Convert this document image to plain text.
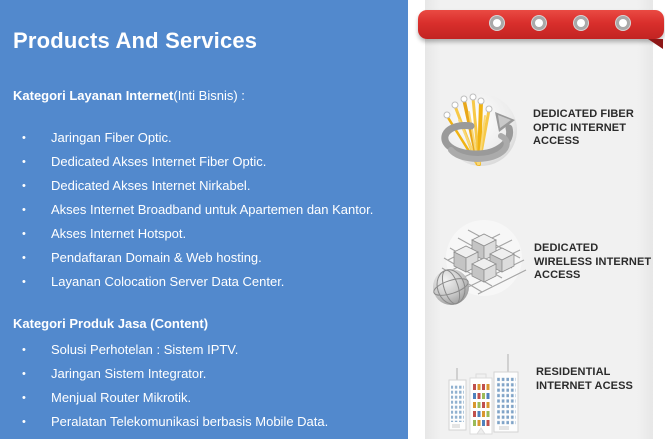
Products And Services
Kategori Layanan Internet(Inti Bisnis) :
•	Jaringan Fiber Optic.
•	Dedicated Akses Internet Fiber Optic.
•	Dedicated Akses Internet Nirkabel.
•	Akses Internet Broadband untuk Apartemen dan Kantor.
•	Akses Internet Hotspot.
•	Pendaftaran Domain & Web hosting.
•	Layanan Colocation Server Data Center.
Kategori Produk Jasa (Content)
•	Solusi Perhotelan : Sistem IPTV.
•	Jaringan Sistem Integrator.
•	Menjual Router Mikrotik.
•	Peralatan Telekomunikasi berbasis Mobile Data.
DEDICATED FIBER OPTIC INTERNET ACCESS
DEDICATED WIRELESS INTERNET ACCESS
RESIDENTIAL INTERNET ACESS
